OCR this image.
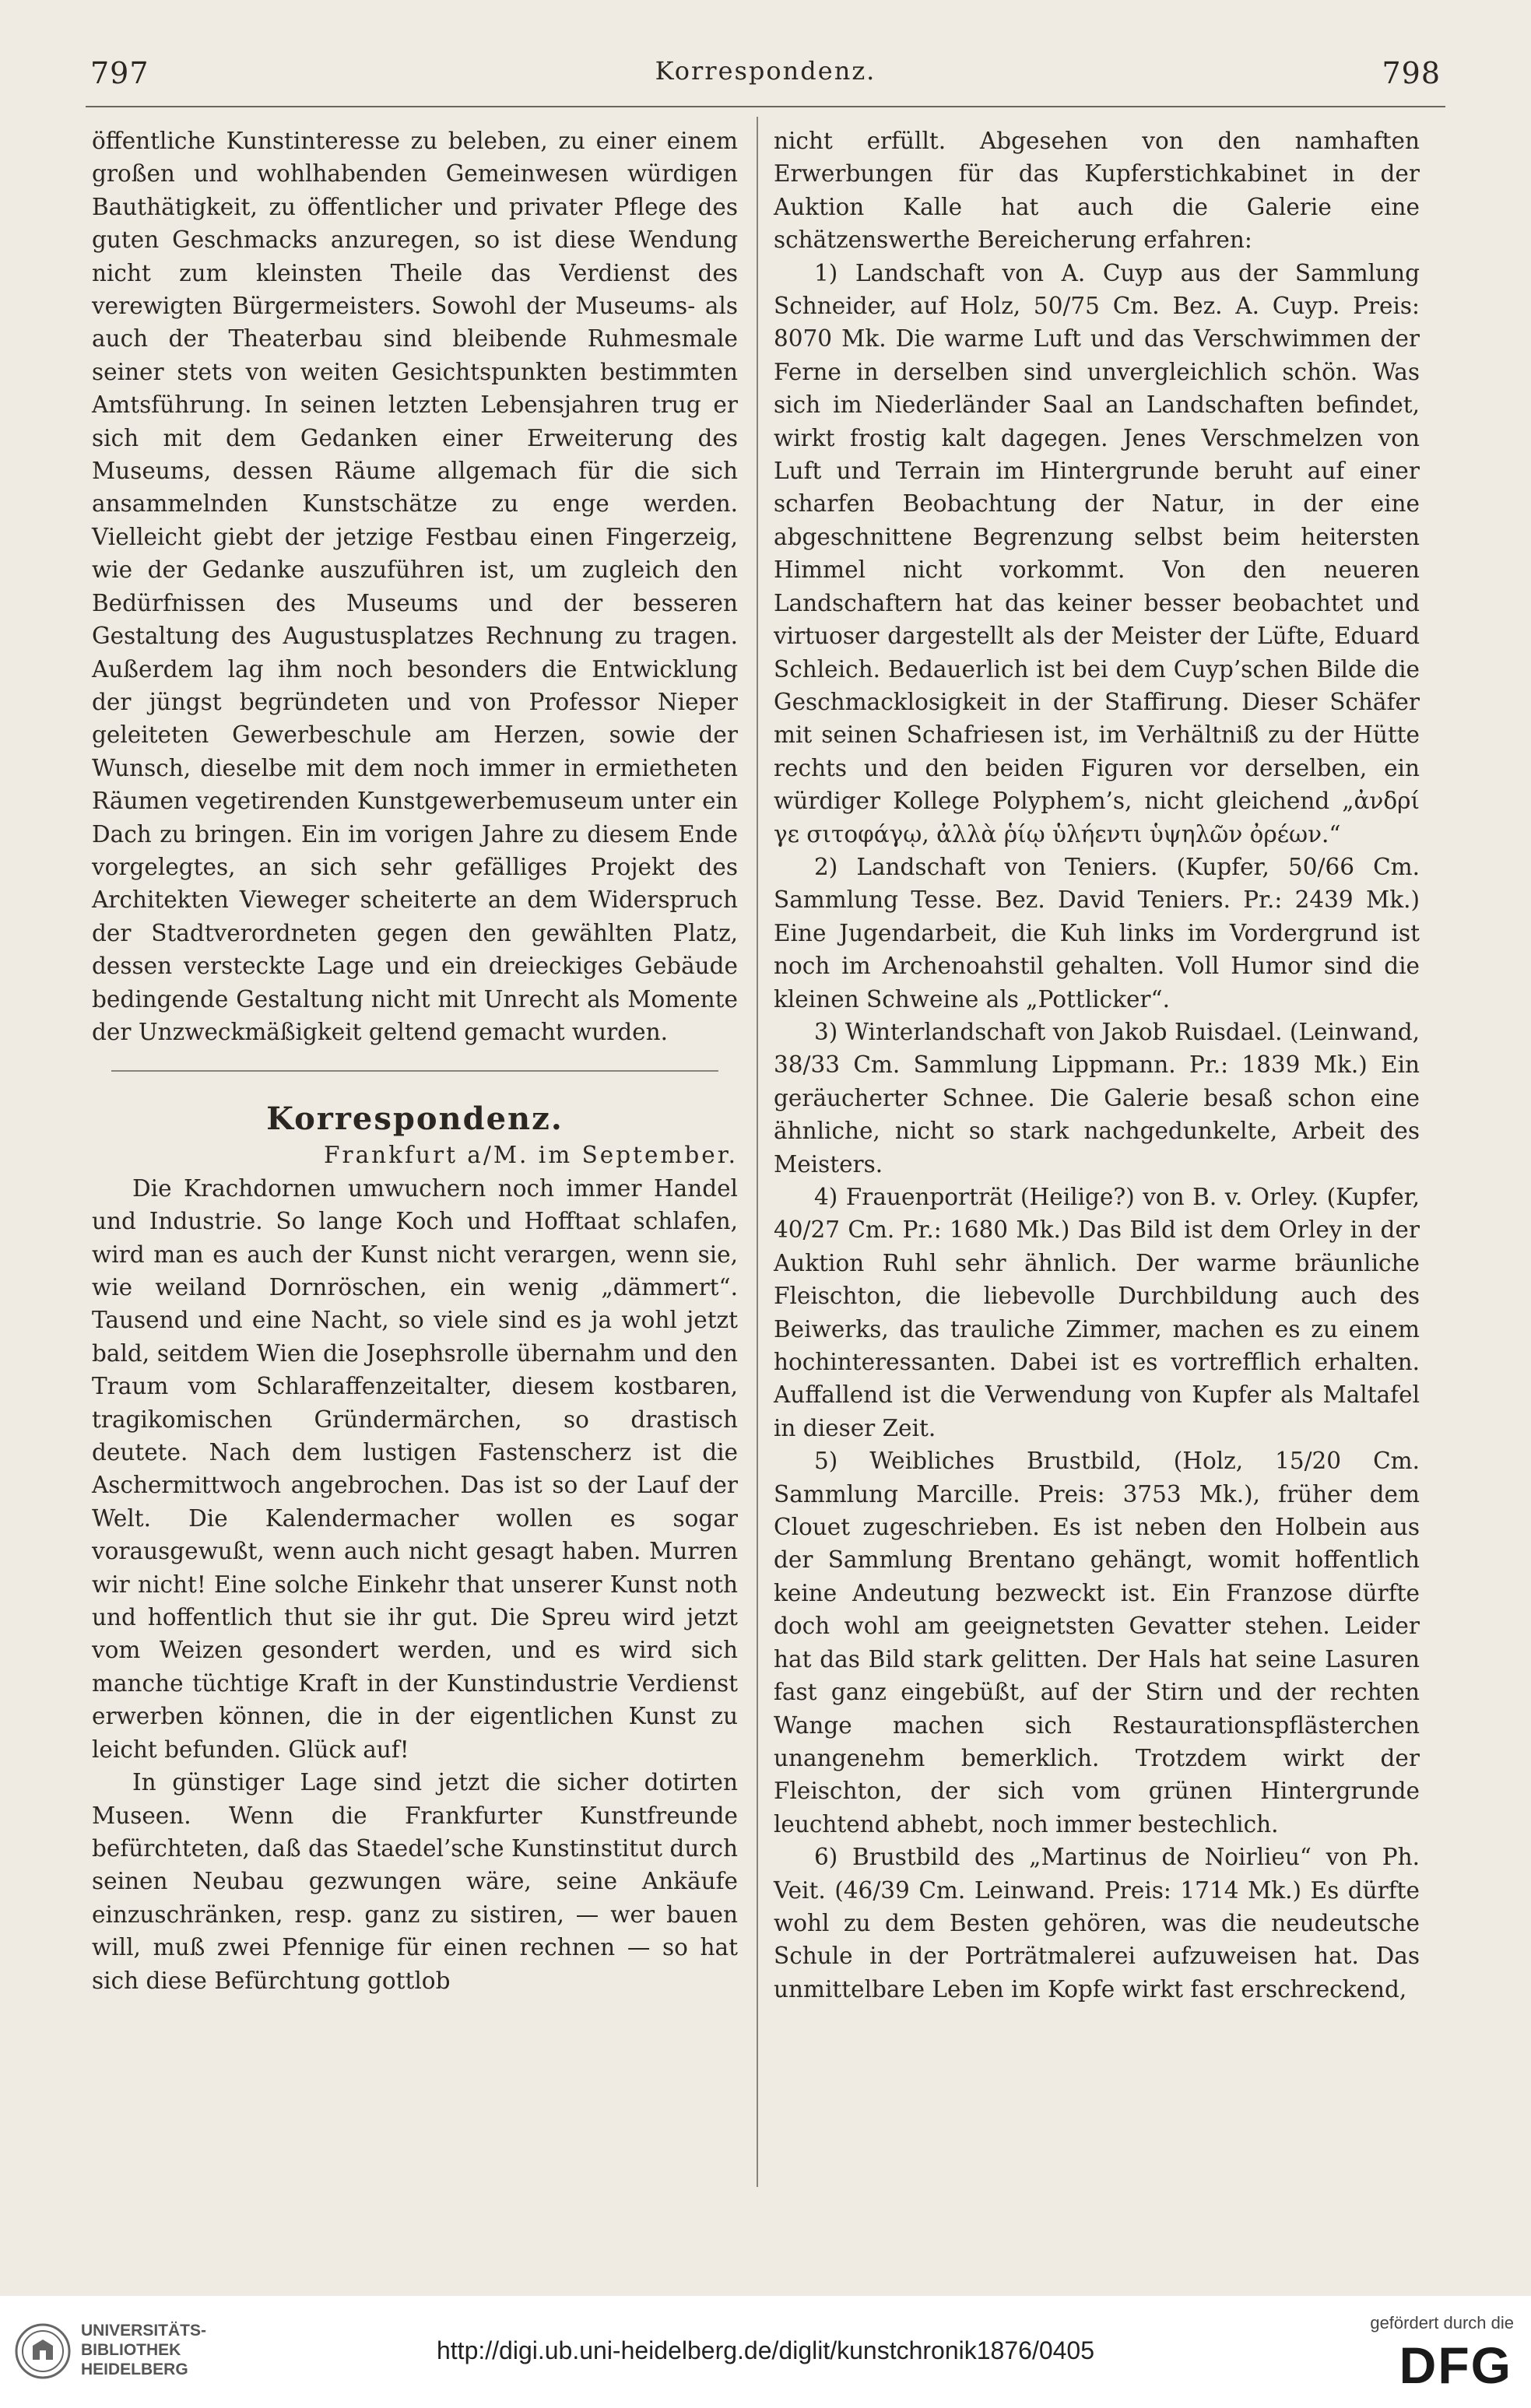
797	Korrespondenz.	798

öffentliche Kunstinteresse zu beleben, zu einer einem großen und wohlhabenden Gemeinwesen würdigen Bauthätigkeit, zu öffentlicher und privater Pflege des guten Geschmacks anzuregen, so ist diese Wendung nicht zum kleinsten Theile das Verdienst des verewigten Bürgermeisters. Sowohl der Museums- als auch der Theaterbau sind bleibende Ruhmesmale seiner stets von weiten Gesichtspunkten bestimmten Amtsführung. In seinen letzten Lebensjahren trug er sich mit dem Gedanken einer Erweiterung des Museums, dessen Räume allgemach für die sich ansammelnden Kunstschätze zu enge werden. Vielleicht giebt der jetzige Festbau einen Fingerzeig, wie der Gedanke auszuführen ist, um zugleich den Bedürfnissen des Museums und der besseren Gestaltung des Augustusplatzes Rechnung zu tragen. Außerdem lag ihm noch besonders die Entwicklung der jüngst begründeten und von Professor Nieper geleiteten Gewerbeschule am Herzen, sowie der Wunsch, dieselbe mit dem noch immer in ermietheten Räumen vegetirenden Kunstgewerbemuseum unter ein Dach zu bringen. Ein im vorigen Jahre zu diesem Ende vorgelegtes, an sich sehr gefälliges Projekt des Architekten Vieweger scheiterte an dem Widerspruch der Stadtverordneten gegen den gewählten Platz, dessen versteckte Lage und ein dreieckiges Gebäude bedingende Gestaltung nicht mit Unrecht als Momente der Unzweckmäßigkeit geltend gemacht wurden.

Korrespondenz.

Frankfurt a/M. im September.

Die Krachdornen umwuchern noch immer Handel und Industrie. So lange Koch und Hofftaat schlafen, wird man es auch der Kunst nicht verargen, wenn sie, wie weiland Dornröschen, ein wenig „dämmert“. Tausend und eine Nacht, so viele sind es ja wohl jetzt bald, seitdem Wien die Josephsrolle übernahm und den Traum vom Schlaraffenzeitalter, diesem kostbaren, tragikomischen Gründermärchen, so drastisch deutete. Nach dem lustigen Fastenscherz ist die Aschermittwoch angebrochen. Das ist so der Lauf der Welt. Die Kalendermacher wollen es sogar vorausgewußt, wenn auch nicht gesagt haben. Murren wir nicht! Eine solche Einkehr that unserer Kunst noth und hoffentlich thut sie ihr gut. Die Spreu wird jetzt vom Weizen gesondert werden, und es wird sich manche tüchtige Kraft in der Kunstindustrie Verdienst erwerben können, die in der eigentlichen Kunst zu leicht befunden. Glück auf!

In günstiger Lage sind jetzt die sicher dotirten Museen. Wenn die Frankfurter Kunstfreunde befürchteten, daß das Staedel’sche Kunstinstitut durch seinen Neubau gezwungen wäre, seine Ankäufe einzuschränken, resp. ganz zu sistiren, — wer bauen will, muß zwei Pfennige für einen rechnen — so hat sich diese Befürchtung gottlob

nicht erfüllt. Abgesehen von den namhaften Erwerbungen für das Kupferstichkabinet in der Auktion Kalle hat auch die Galerie eine schätzenswerthe Bereicherung erfahren:

1) Landschaft von A. Cuyp aus der Sammlung Schneider, auf Holz, 50/75 Cm. Bez. A. Cuyp. Preis: 8070 Mk. Die warme Luft und das Verschwimmen der Ferne in derselben sind unvergleichlich schön. Was sich im Niederländer Saal an Landschaften befindet, wirkt frostig kalt dagegen. Jenes Verschmelzen von Luft und Terrain im Hintergrunde beruht auf einer scharfen Beobachtung der Natur, in der eine abgeschnittene Begrenzung selbst beim heitersten Himmel nicht vorkommt. Von den neueren Landschaftern hat das keiner besser beobachtet und virtuoser dargestellt als der Meister der Lüfte, Eduard Schleich. Bedauerlich ist bei dem Cuyp’schen Bilde die Geschmacklosigkeit in der Staffirung. Dieser Schäfer mit seinen Schafriesen ist, im Verhältniß zu der Hütte rechts und den beiden Figuren vor derselben, ein würdiger Kollege Polyphem’s, nicht gleichend „ἀνδρί γε σιτοφάγῳ, ἀλλὰ ῥίῳ ὑλήεντι ὑψηλῶν ὀρέων.“

2) Landschaft von Teniers. (Kupfer, 50/66 Cm. Sammlung Tesse. Bez. David Teniers. Pr.: 2439 Mk.) Eine Jugendarbeit, die Kuh links im Vordergrund ist noch im Archenoahstil gehalten. Voll Humor sind die kleinen Schweine als „Pottlicker“.

3) Winterlandschaft von Jakob Ruisdael. (Leinwand, 38/33 Cm. Sammlung Lippmann. Pr.: 1839 Mk.) Ein geräucherter Schnee. Die Galerie besaß schon eine ähnliche, nicht so stark nachgedunkelte, Arbeit des Meisters.

4) Frauenporträt (Heilige?) von B. v. Orley. (Kupfer, 40/27 Cm. Pr.: 1680 Mk.) Das Bild ist dem Orley in der Auktion Ruhl sehr ähnlich. Der warme bräunliche Fleischton, die liebevolle Durchbildung auch des Beiwerks, das trauliche Zimmer, machen es zu einem hochinteressanten. Dabei ist es vortrefflich erhalten. Auffallend ist die Verwendung von Kupfer als Maltafel in dieser Zeit.

5) Weibliches Brustbild, (Holz, 15/20 Cm. Sammlung Marcille. Preis: 3753 Mk.), früher dem Clouet zugeschrieben. Es ist neben den Holbein aus der Sammlung Brentano gehängt, womit hoffentlich keine Andeutung bezweckt ist. Ein Franzose dürfte doch wohl am geeignetsten Gevatter stehen. Leider hat das Bild stark gelitten. Der Hals hat seine Lasuren fast ganz eingebüßt, auf der Stirn und der rechten Wange machen sich Restaurationspflästerchen unangenehm bemerklich. Trotzdem wirkt der Fleischton, der sich vom grünen Hintergrunde leuchtend abhebt, noch immer bestechlich.

6) Brustbild des „Martinus de Noirlieu“ von Ph. Veit. (46/39 Cm. Leinwand. Preis: 1714 Mk.) Es dürfte wohl zu dem Besten gehören, was die neudeutsche Schule in der Porträtmalerei aufzuweisen hat. Das unmittelbare Leben im Kopfe wirkt fast erschreckend,

UNIVERSITÄTS-
BIBLIOTHEK
HEIDELBERG
http://digi.ub.uni-heidelberg.de/diglit/kunstchronik1876/0405
gefördert durch die
DFG
